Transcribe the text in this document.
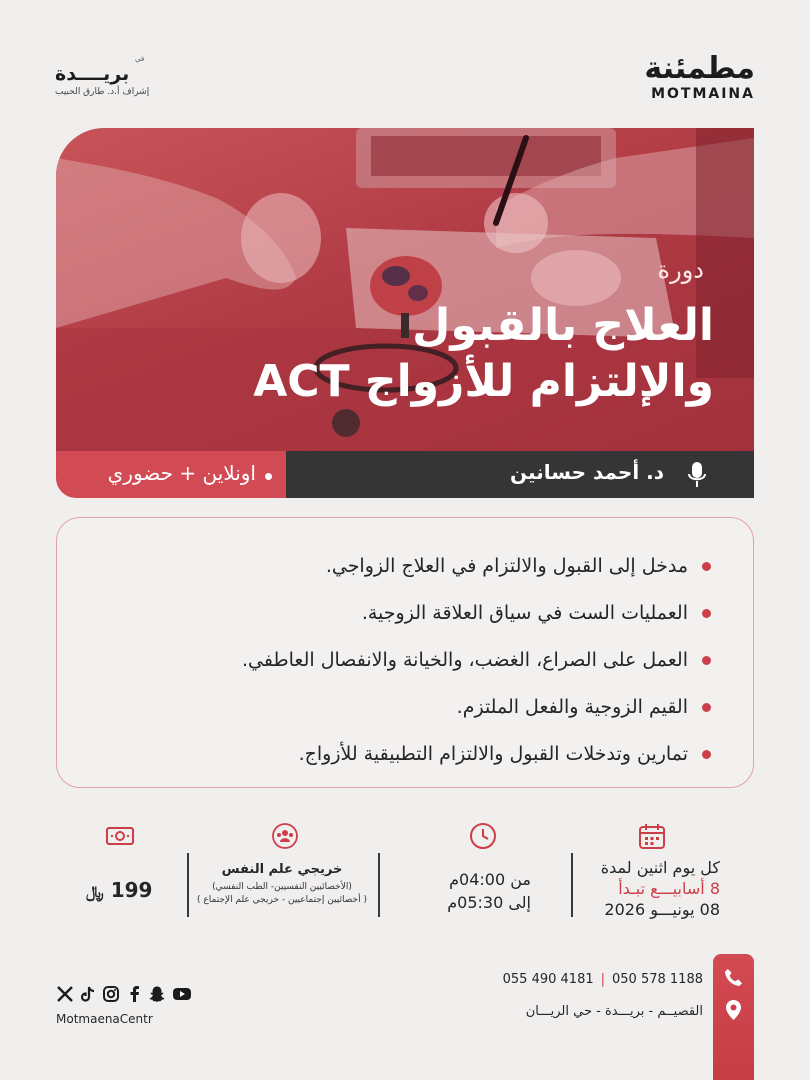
مطمئنة
MOTMAINA
في
بريــــدة
إشراف أ.د. طارق الحبيب
دورة
العلاج بالقبول
والإلتزام للأزواج ACT
د. أحمد حسانين
اونلاين + حضوري
مدخل إلى القبول والالتزام في العلاج الزواجي.
العمليات الست في سياق العلاقة الزوجية.
العمل على الصراع، الغضب، والخيانة والانفصال العاطفي.
القيم الزوجية والفعل الملتزم.
تمارين وتدخلات القبول والالتزام التطبيقية للأزواج.
كل يوم اثنين لمدة
8 أسابيـــع تبـدأ
08 يونيـــو 2026
من 04:00م
إلى 05:30م
خريجي علم النفس
(الأخصائيين النفسيين- الطب النفسي)
( أخصائيين إجتماعيين - خريجي علم الإجتماع )
199 ﷼
055 490 4181 | 050 578 1188
القصيــم - بريـــدة - حي الريـــان
MotmaenaCentr
